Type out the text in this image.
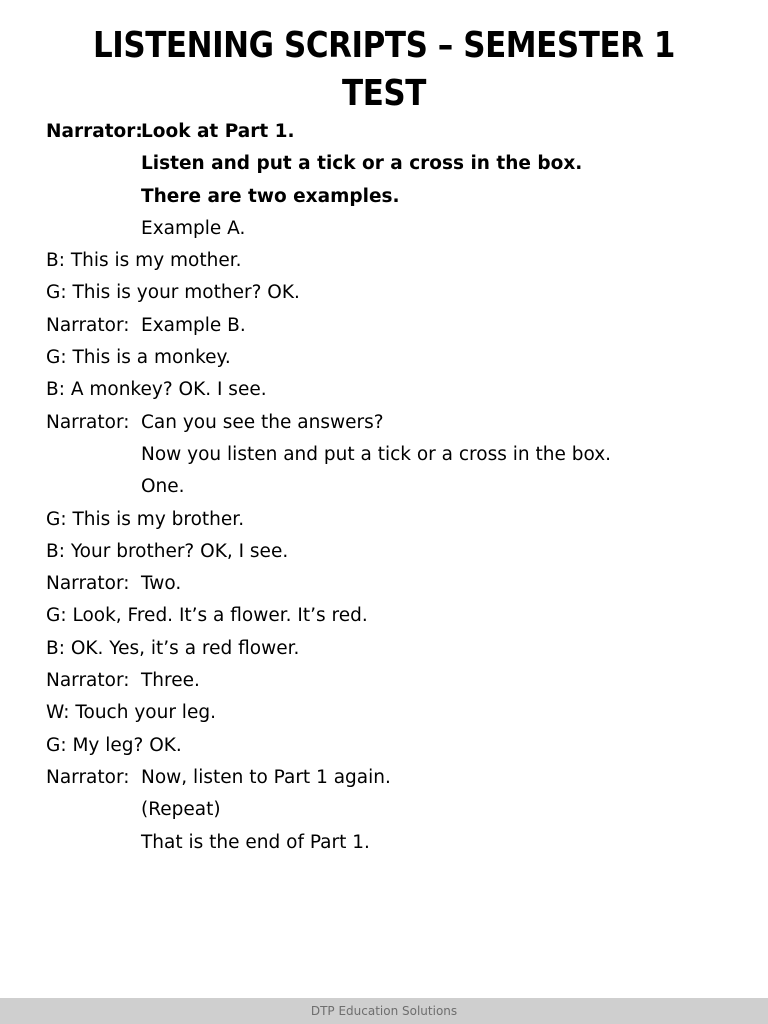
LISTENING SCRIPTS – SEMESTER 1 TEST
Narrator:
Look at Part 1.
Listen and put a tick or a cross in the box.
There are two examples.
Example A.
B:
This is my mother.
G:
This is your mother? OK.
Narrator: Example B.
G:
This is a monkey.
B:
A monkey? OK. I see.
Narrator: Can you see the answers?
Now you listen and put a tick or a cross in the box.
One.
G:
This is my brother.
B:
Your brother? OK, I see.
Narrator: Two.
G:
Look, Fred. It’s a flower. It’s red.
B:
OK. Yes, it’s a red flower.
Narrator: Three.
W:
Touch your leg.
G:
My leg? OK.
Narrator: Now, listen to Part 1 again.
(Repeat)
That is the end of Part 1.
DTP Education Solutions
